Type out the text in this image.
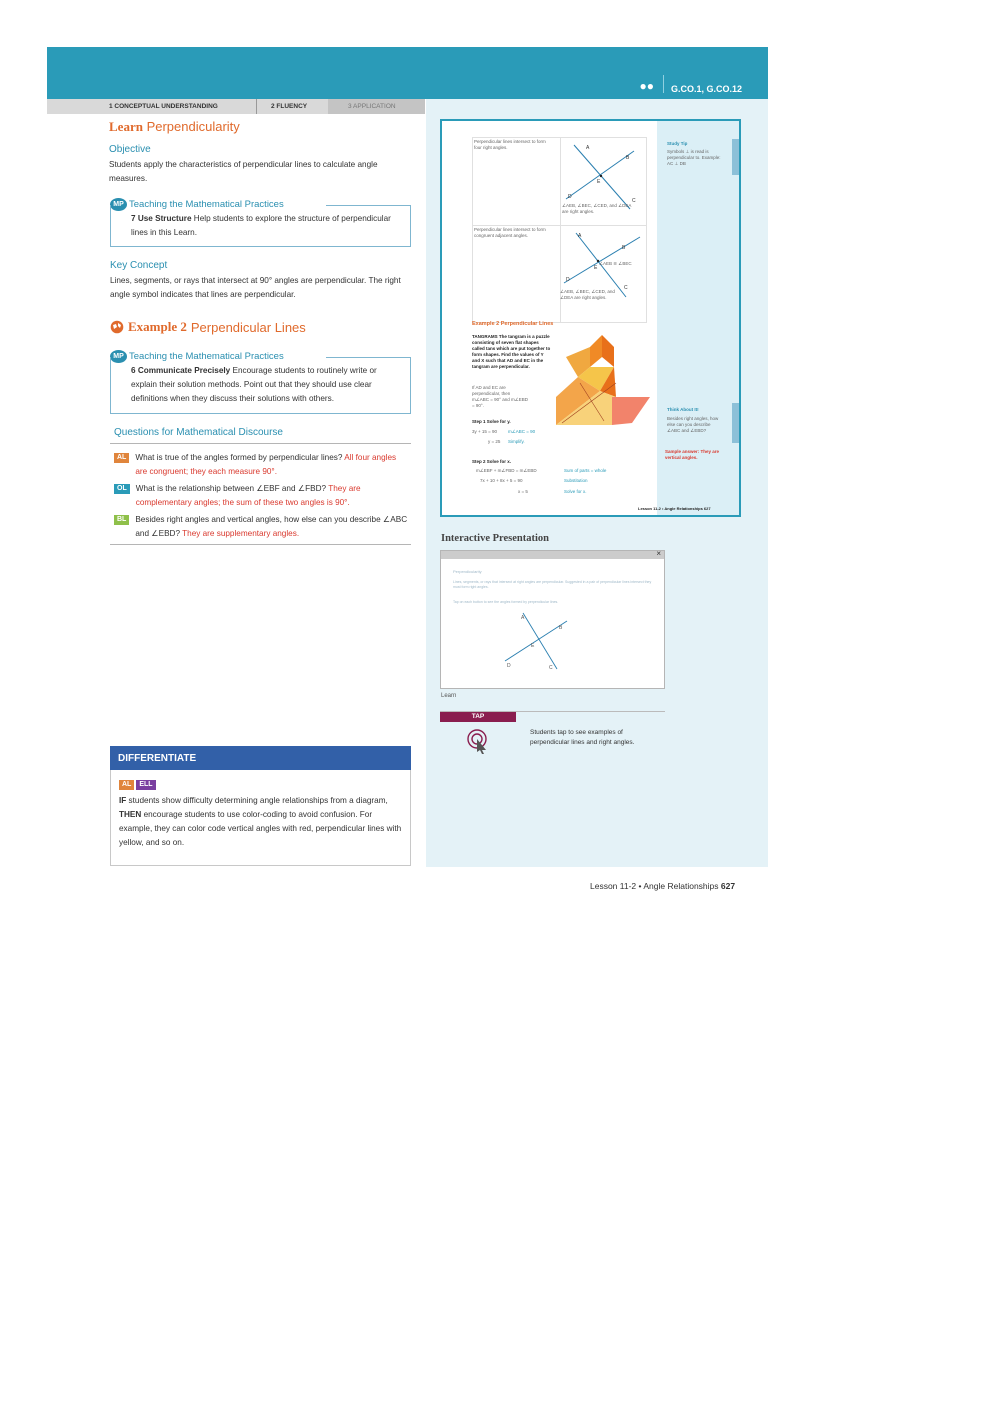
●● G.CO.1, G.CO.12
1 CONCEPTUAL UNDERSTANDING	2 FLUENCY	3 APPLICATION
Learn Perpendicularity
Objective
Students apply the characteristics of perpendicular lines to calculate angle measures.
MP Teaching the Mathematical Practices
7 Use Structure Help students to explore the structure of perpendicular lines in this Learn.
Key Concept
Lines, segments, or rays that intersect at 90° angles are perpendicular. The right angle symbol indicates that lines are perpendicular.
Example 2 Perpendicular Lines
MP Teaching the Mathematical Practices
6 Communicate Precisely Encourage students to routinely write or explain their solution methods. Point out that they should use clear definitions when they discuss their solutions with others.
Questions for Mathematical Discourse
AL	What is true of the angles formed by perpendicular lines? All four angles are congruent; they each measure 90°.
OL	What is the relationship between ∠EBF and ∠FBD? They are complementary angles; the sum of these two angles is 90°.
BL	Besides right angles and vertical angles, how else can you describe ∠ABC and ∠EBD? They are supplementary angles.
DIFFERENTIATE
AL	ELL
IF students show difficulty determining angle relationships from a diagram,
THEN encourage students to use color-coding to avoid confusion. For example, they can color code vertical angles with red, perpendicular lines with yellow, and so on.
Study Tip
Symbols ⊥ is read is perpendicular to. Example: AC ⊥ DB
Think About It!
Besides right angles, how else can you describe ∠ABC and ∠EBD?
Sample answer: They are vertical angles.
Perpendicular lines intersect to form four right angles.
Perpendicular lines intersect to form congruent adjacent angles.
A
B
D
C
E
∠AEB, ∠BEC, ∠CED, and ∠DEA are right angles.
A
B
D
C
E
∠AEB ≅ ∠BEC
∠AEB, ∠BEC, ∠CED, and ∠DEA are right angles.
Example 2 Perpendicular Lines
TANGRAMS The tangram is a puzzle consisting of seven flat shapes called tans which are put together to form shapes. Find the values of Y and X such that AD and EC in the tangram are perpendicular.
If AD and EC are perpendicular, then m∠ABC = 90° and m∠EBD = 90°.
Step 1 Solve for y.
3y + 15 = 90 m∠ABC = 90
y = 25 Simplify.
Step 2 Solve for x.
m∠EBF + m∠FBD = m∠EBD	Sum of parts = whole
7x + 10 + 8x + 5 = 90	Substitution
x = 5	Solve for x.
Lesson 11-2 • Angle Relationships 627
Interactive Presentation
×
Perpendicularity
Lines, segments, or rays that intersect at right angles are perpendicular. Suggested in a pair of perpendicular lines intersect they must form right angles.
Tap on each button to see the angles formed by perpendicular lines.
A
B
D	C
E
Learn
TAP
Students tap to see examples of perpendicular lines and right angles.
Lesson 11-2 • Angle Relationships 627
